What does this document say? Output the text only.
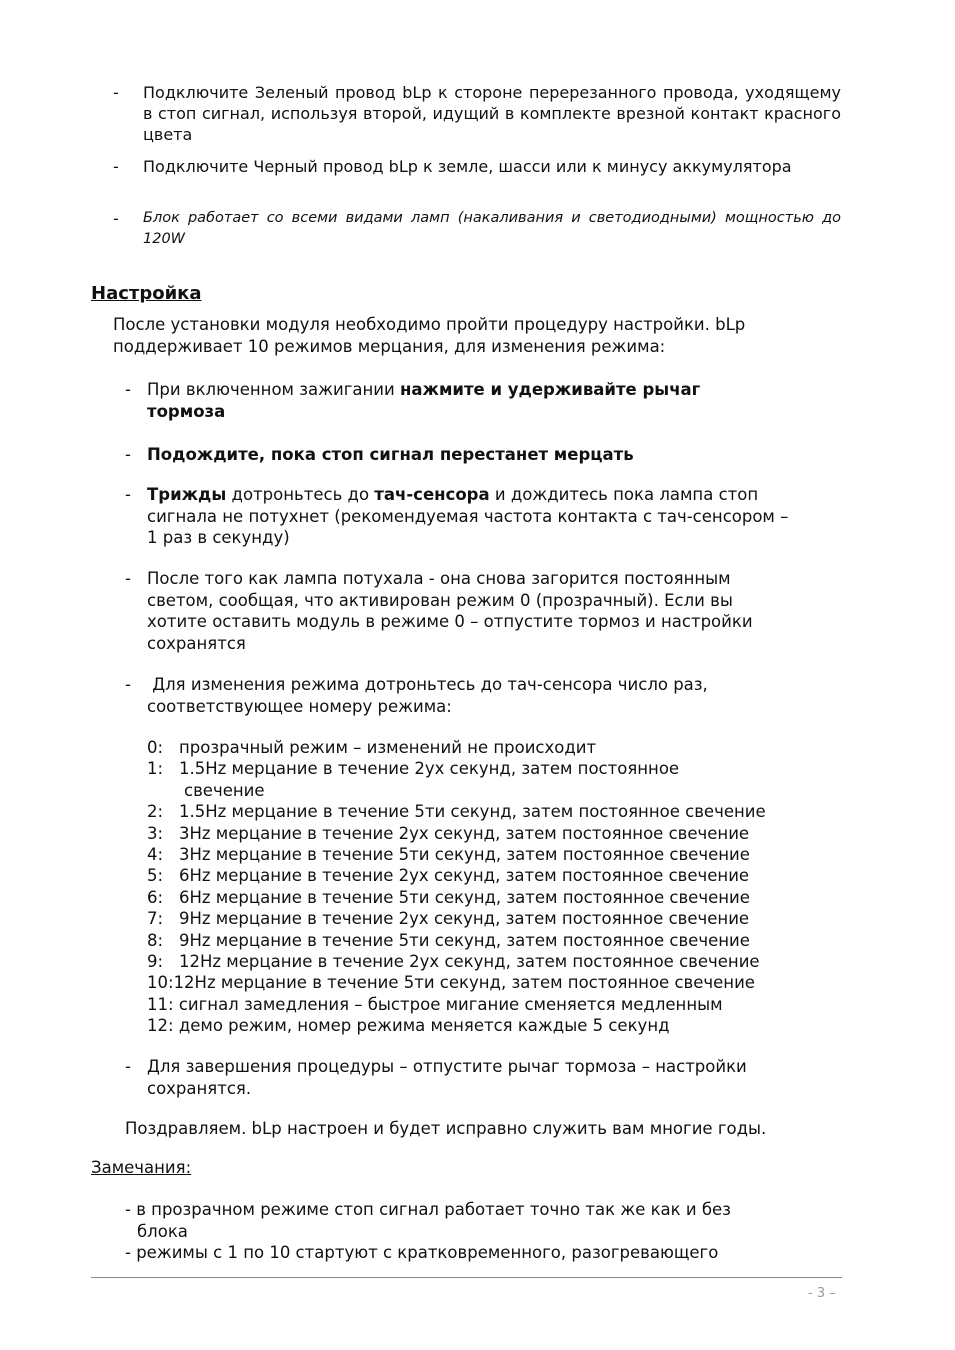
- Подключите Зеленый провод bLp к стороне перерезанного провода, уходящему в стоп сигнал, используя второй, идущий в комплекте врезной контакт красного цвета
- Подключите Черный провод bLp к земле, шасси или к минусу аккумулятора
- Блок работает со всеми видами ламп (накаливания и светодиодными) мощностью до 120W
Настройка
После установки модуля необходимо пройти процедуру настройки. bLp поддерживает 10 режимов мерцания, для изменения режима:
- При включенном зажигании нажмите и удерживайте рычаг тормоза
- Подождите, пока стоп сигнал перестанет мерцать
- Трижды дотроньтесь до тач-сенсора и дождитесь пока лампа стоп сигнала не потухнет (рекомендуемая частота контакта с тач-сенсором – 1 раз в секунду)
- После того как лампа потухала - она снова загорится постоянным светом, сообщая, что активирован режим 0 (прозрачный). Если вы хотите оставить модуль в режиме 0 – отпустите тормоз и настройки сохранятся
- Для изменения режима дотроньтесь до тач-сенсора число раз, соответствующее номеру режима:
0: прозрачный режим – изменений не происходит
1: 1.5Hz мерцание в течение 2ух секунд, затем постоянное
свечение
2: 1.5Hz мерцание в течение 5ти секунд, затем постоянное свечение
3: 3Hz мерцание в течение 2ух секунд, затем постоянное свечение
4: 3Hz мерцание в течение 5ти секунд, затем постоянное свечение
5: 6Hz мерцание в течение 2ух секунд, затем постоянное свечение
6: 6Hz мерцание в течение 5ти секунд, затем постоянное свечение
7: 9Hz мерцание в течение 2ух секунд, затем постоянное свечение
8: 9Hz мерцание в течение 5ти секунд, затем постоянное свечение
9: 12Hz мерцание в течение 2ух секунд, затем постоянное свечение
10:12Hz мерцание в течение 5ти секунд, затем постоянное свечение
11: сигнал замедления – быстрое мигание сменяется медленным
12: демо режим, номер режима меняется каждые 5 секунд
- Для завершения процедуры – отпустите рычаг тормоза – настройки сохранятся.
Поздравляем. bLp настроен и будет исправно служить вам многие годы.
Замечания:
- в прозрачном режиме стоп сигнал работает точно так же как и без
блока
- режимы с 1 по 10 стартуют с кратковременного, разогревающего
- 3 –
